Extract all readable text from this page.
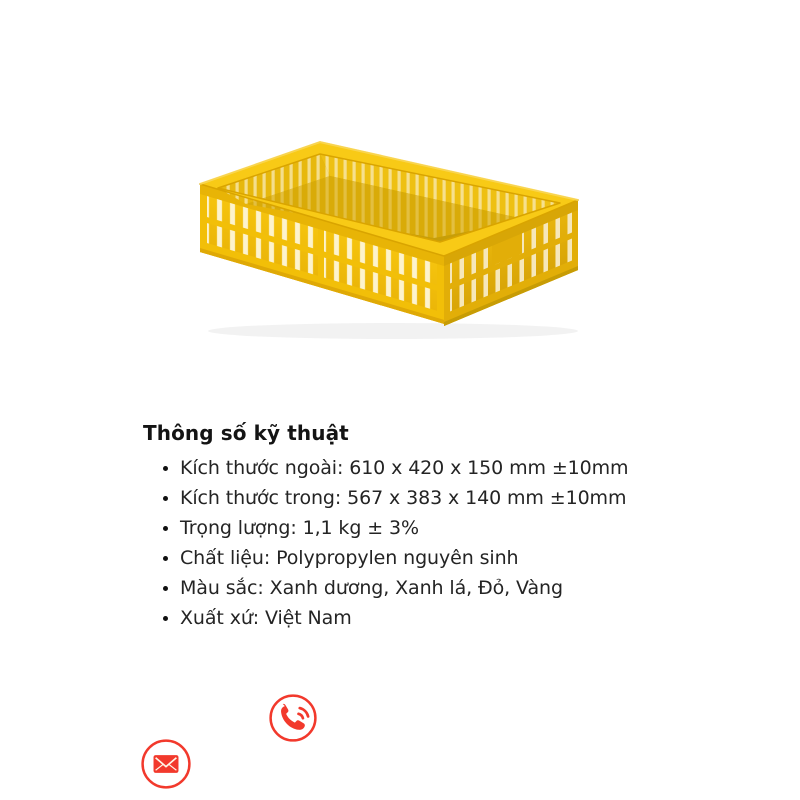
Thông số kỹ thuật
• Kích thước ngoài: 610 x 420 x 150 mm ±10mm
• Kích thước trong: 567 x 383 x 140 mm ±10mm
• Trọng lượng: 1,1 kg ± 3%
• Chất liệu: Polypropylen nguyên sinh
• Màu sắc: Xanh dương, Xanh lá, Đỏ, Vàng
• Xuất xứ: Việt Nam
